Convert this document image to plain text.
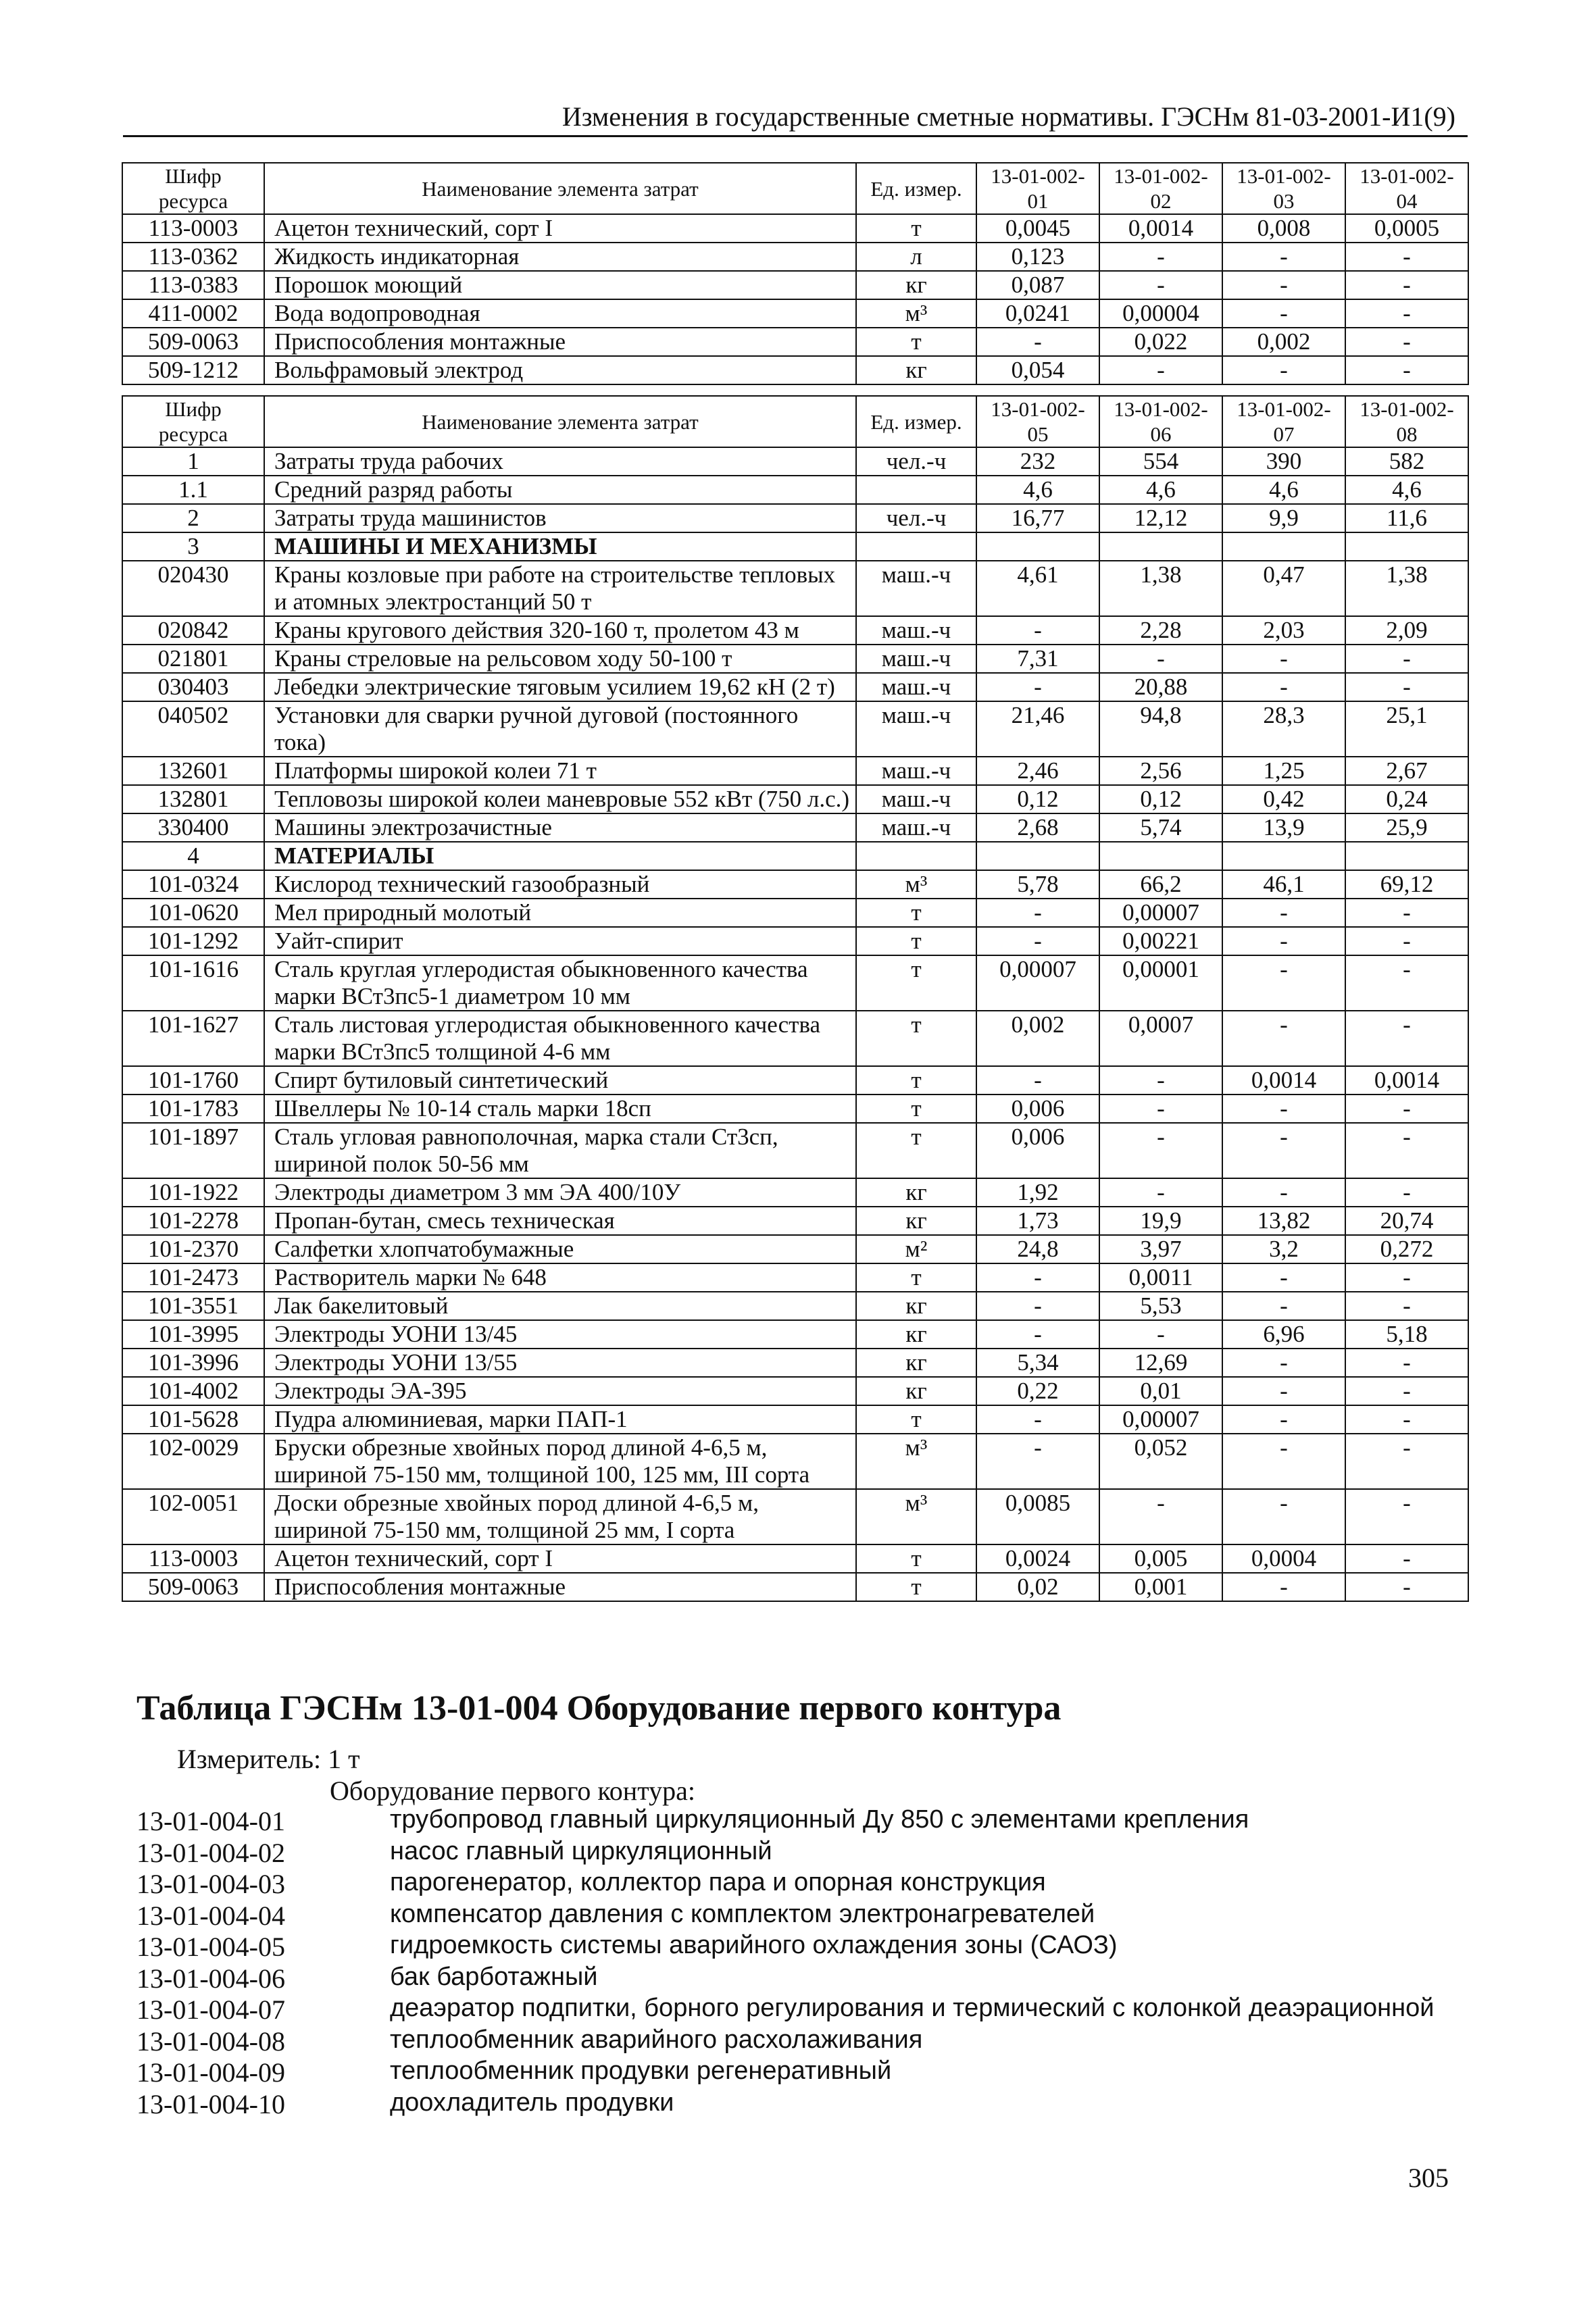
Изменения в государственные сметные нормативы. ГЭСНм 81-03-2001-И1(9)
Шифр ресурса	Наименование элемента затрат	Ед. измер.	13-01-002-01	13-01-002-02	13-01-002-03	13-01-002-04
113-0003	Ацетон технический, сорт I	т	0,0045	0,0014	0,008	0,0005
113-0362	Жидкость индикаторная	л	0,123	-	-	-
113-0383	Порошок моющий	кг	0,087	-	-	-
411-0002	Вода водопроводная	м³	0,0241	0,00004	-	-
509-0063	Приспособления монтажные	т	-	0,022	0,002	-
509-1212	Вольфрамовый электрод	кг	0,054	-	-	-
Шифр ресурса	Наименование элемента затрат	Ед. измер.	13-01-002-05	13-01-002-06	13-01-002-07	13-01-002-08
1	Затраты труда рабочих	чел.-ч	232	554	390	582
1.1	Средний разряд работы		4,6	4,6	4,6	4,6
2	Затраты труда машинистов	чел.-ч	16,77	12,12	9,9	11,6
3	МАШИНЫ И МЕХАНИЗМЫ					
020430	Краны козловые при работе на строительстве тепловых и атомных электростанций 50 т	маш.-ч	4,61	1,38	0,47	1,38
020842	Краны кругового действия 320-160 т, пролетом 43 м	маш.-ч	-	2,28	2,03	2,09
021801	Краны стреловые на рельсовом ходу 50-100 т	маш.-ч	7,31	-	-	-
030403	Лебедки электрические тяговым усилием 19,62 кН (2 т)	маш.-ч	-	20,88	-	-
040502	Установки для сварки ручной дуговой (постоянного тока)	маш.-ч	21,46	94,8	28,3	25,1
132601	Платформы широкой колеи 71 т	маш.-ч	2,46	2,56	1,25	2,67
132801	Тепловозы широкой колеи маневровые 552 кВт (750 л.с.)	маш.-ч	0,12	0,12	0,42	0,24
330400	Машины электрозачистные	маш.-ч	2,68	5,74	13,9	25,9
4	МАТЕРИАЛЫ					
101-0324	Кислород технический газообразный	м³	5,78	66,2	46,1	69,12
101-0620	Мел природный молотый	т	-	0,00007	-	-
101-1292	Уайт-спирит	т	-	0,00221	-	-
101-1616	Сталь круглая углеродистая обыкновенного качества марки ВСт3пс5-1 диаметром 10 мм	т	0,00007	0,00001	-	-
101-1627	Сталь листовая углеродистая обыкновенного качества марки ВСт3пс5 толщиной 4-6 мм	т	0,002	0,0007	-	-
101-1760	Спирт бутиловый синтетический	т	-	-	0,0014	0,0014
101-1783	Швеллеры № 10-14 сталь марки 18сп	т	0,006	-	-	-
101-1897	Сталь угловая равнополочная, марка стали Ст3сп, шириной полок 50-56 мм	т	0,006	-	-	-
101-1922	Электроды диаметром 3 мм ЭА 400/10У	кг	1,92	-	-	-
101-2278	Пропан-бутан, смесь техническая	кг	1,73	19,9	13,82	20,74
101-2370	Салфетки хлопчатобумажные	м²	24,8	3,97	3,2	0,272
101-2473	Растворитель марки № 648	т	-	0,0011	-	-
101-3551	Лак бакелитовый	кг	-	5,53	-	-
101-3995	Электроды УОНИ 13/45	кг	-	-	6,96	5,18
101-3996	Электроды УОНИ 13/55	кг	5,34	12,69	-	-
101-4002	Электроды ЭА-395	кг	0,22	0,01	-	-
101-5628	Пудра алюминиевая, марки ПАП-1	т	-	0,00007	-	-
102-0029	Бруски обрезные хвойных пород длиной 4-6,5 м, шириной 75-150 мм, толщиной 100, 125 мм, III сорта	м³	-	0,052	-	-
102-0051	Доски обрезные хвойных пород длиной 4-6,5 м, шириной 75-150 мм, толщиной 25 мм, I сорта	м³	0,0085	-	-	-
113-0003	Ацетон технический, сорт I	т	0,0024	0,005	0,0004	-
509-0063	Приспособления монтажные	т	0,02	0,001	-	-
Таблица ГЭСНм 13-01-004 Оборудование первого контура
Измеритель: 1 т
Оборудование первого контура:
13-01-004-01	трубопровод главный циркуляционный Ду 850 с элементами крепления
13-01-004-02	насос главный циркуляционный
13-01-004-03	парогенератор, коллектор пара и опорная конструкция
13-01-004-04	компенсатор давления с комплектом электронагревателей
13-01-004-05	гидроемкость системы аварийного охлаждения зоны (САОЗ)
13-01-004-06	бак барботажный
13-01-004-07	деаэратор подпитки, борного регулирования и термический с колонкой деаэрационной
13-01-004-08	теплообменник аварийного расхолаживания
13-01-004-09	теплообменник продувки регенеративный
13-01-004-10	доохладитель продувки
305
